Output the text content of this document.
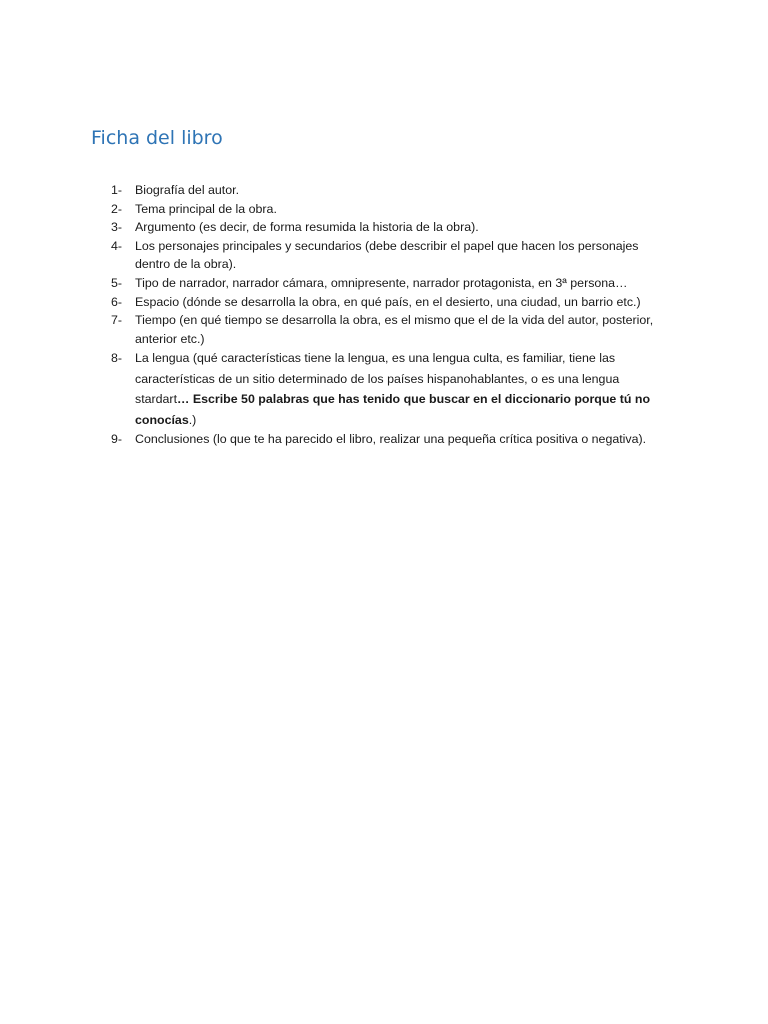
Ficha del libro
1-	Biografía del autor.
2-	Tema principal de la obra.
3-	Argumento (es decir, de forma resumida la historia de la obra).
4-	Los personajes principales y secundarios (debe describir el papel que hacen los personajes dentro de la obra).
5-	Tipo de narrador, narrador cámara, omnipresente, narrador protagonista, en 3ª persona…
6-	Espacio (dónde se desarrolla la obra, en qué país, en el desierto, una ciudad, un barrio etc.)
7-	Tiempo (en qué tiempo se desarrolla la obra, es el mismo que el de la vida del autor, posterior, anterior etc.)
8-	La lengua (qué características tiene la lengua, es una lengua culta, es familiar, tiene las características de un sitio determinado de los países hispanohablantes, o es una lengua stardart… Escribe 50 palabras que has tenido que buscar en el diccionario porque tú no conocías.)
9-	Conclusiones (lo que te ha parecido el libro, realizar una pequeña crítica positiva o negativa).
